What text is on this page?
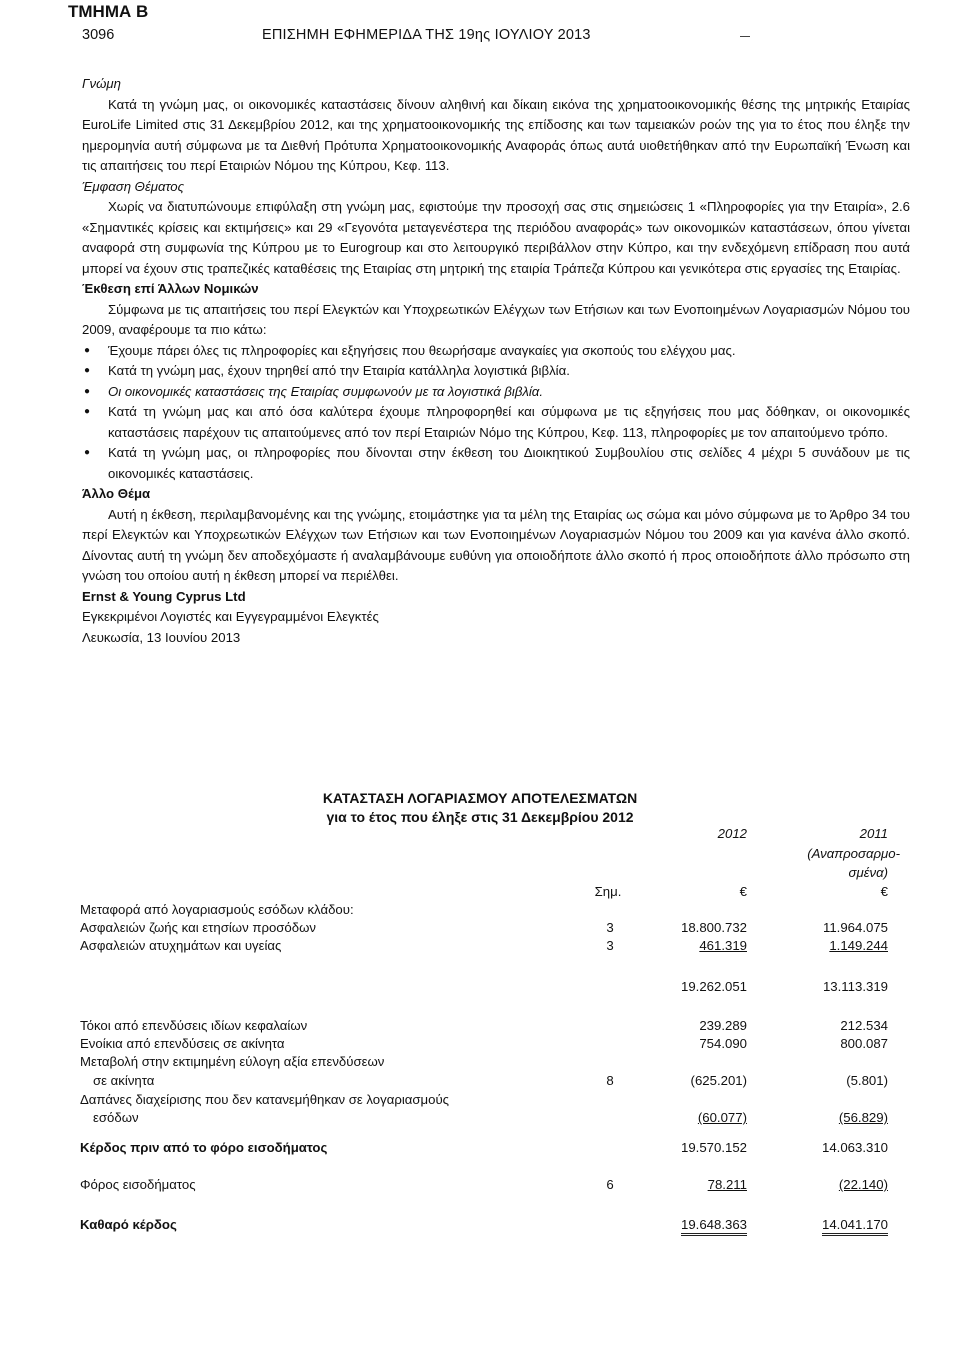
ΤΜΗΜΑ Β
3096	ΕΠΙΣΗΜΗ ΕΦΗΜΕΡΙΔΑ ΤΗΣ 19ης ΙΟΥΛΙΟΥ 2013

Γνώμη

Κατά τη γνώμη μας, οι οικονομικές καταστάσεις δίνουν αληθινή και δίκαιη εικόνα της χρηματοοικονομικής θέσης της μητρικής Εταιρίας EuroLife Limited στις 31 Δεκεμβρίου 2012, και της χρηματοοικονομικής της επίδοσης και των ταμειακών ροών της για το έτος που έληξε την ημερομηνία αυτή σύμφωνα με τα Διεθνή Πρότυπα Χρηματοοικονομικής Αναφοράς όπως αυτά υιοθετήθηκαν από την Ευρωπαϊκή Ένωση και τις απαιτήσεις του περί Εταιριών Νόμου της Κύπρου, Κεφ. 113.

Έμφαση Θέματος

Χωρίς να διατυπώνουμε επιφύλαξη στη γνώμη μας, εφιστούμε την προσοχή σας στις σημειώσεις 1 «Πληροφορίες για την Εταιρία», 2.6 «Σημαντικές κρίσεις και εκτιμήσεις» και 29 «Γεγονότα μεταγενέστερα της περιόδου αναφοράς» των οικονομικών καταστάσεων, όπου γίνεται αναφορά στη συμφωνία της Κύπρου με το Eurogroup και στο λειτουργικό περιβάλλον στην Κύπρο, και την ενδεχόμενη επίδραση που αυτά μπορεί να έχουν στις τραπεζικές καταθέσεις της Εταιρίας στη μητρική της εταιρία Τράπεζα Κύπρου και γενικότερα στις εργασίες της Εταιρίας.

Έκθεση επί Άλλων Νομικών

Σύμφωνα με τις απαιτήσεις του περί Ελεγκτών και Υποχρεωτικών Ελέγχων των Ετήσιων και των Ενοποιημένων Λογαριασμών Νόμου του 2009, αναφέρουμε τα πιο κάτω:

● Έχουμε πάρει όλες τις πληροφορίες και εξηγήσεις που θεωρήσαμε αναγκαίες για σκοπούς του ελέγχου μας.
● Κατά τη γνώμη μας, έχουν τηρηθεί από την Εταιρία κατάλληλα λογιστικά βιβλία.
● Οι οικονομικές καταστάσεις της Εταιρίας συμφωνούν με τα λογιστικά βιβλία.
● Κατά τη γνώμη μας και από όσα καλύτερα έχουμε πληροφορηθεί και σύμφωνα με τις εξηγήσεις που μας δόθηκαν, οι οικονομικές καταστάσεις παρέχουν τις απαιτούμενες από τον περί Εταιριών Νόμο της Κύπρου, Κεφ. 113, πληροφορίες με τον απαιτούμενο τρόπο.
● Κατά τη γνώμη μας, οι πληροφορίες που δίνονται στην έκθεση του Διοικητικού Συμβουλίου στις σελίδες 4 μέχρι 5 συνάδουν με τις οικονομικές καταστάσεις.

Άλλο Θέμα

Αυτή η έκθεση, περιλαμβανομένης και της γνώμης, ετοιμάστηκε για τα μέλη της Εταιρίας ως σώμα και μόνο σύμφωνα με το Άρθρο 34 του περί Ελεγκτών και Υποχρεωτικών Ελέγχων των Ετήσιων και των Ενοποιημένων Λογαριασμών Νόμου του 2009 και για κανένα άλλο σκοπό. Δίνοντας αυτή τη γνώμη δεν αποδεχόμαστε ή αναλαμβάνουμε ευθύνη για οποιοδήποτε άλλο σκοπό ή προς οποιοδήποτε άλλο πρόσωπο στη γνώση του οποίου αυτή η έκθεση μπορεί να περιέλθει.

Ernst & Young Cyprus Ltd

Εγκεκριμένοι Λογιστές και Εγγεγραμμένοι Ελεγκτές

Λευκωσία, 13 Ιουνίου 2013

ΚΑΤΑΣΤΑΣΗ ΛΟΓΑΡΙΑΣΜΟΥ ΑΠΟΤΕΛΕΣΜΑΤΩΝ
για το έτος που έληξε στις 31 Δεκεμβρίου 2012
2012	2011
(Αναπροσαρμο-
σμένα)
Σημ.	€	€
Μεταφορά από λογαριασμούς εσόδων κλάδου:
Ασφαλειών ζωής και ετησίων προσόδων	3	18.800.732	11.964.075
Ασφαλειών ατυχημάτων και υγείας	3	461.319	1.149.244
19.262.051	13.113.319
Τόκοι από επενδύσεις ιδίων κεφαλαίων	239.289	212.534
Ενοίκια από επενδύσεις σε ακίνητα	754.090	800.087
Μεταβολή στην εκτιμημένη εύλογη αξία επενδύσεων
σε ακίνητα	8	(625.201)	(5.801)
Δαπάνες διαχείρισης που δεν κατανεμήθηκαν σε λογαριασμούς
εσόδων	(60.077)	(56.829)
Κέρδος πριν από το φόρο εισοδήματος	19.570.152	14.063.310
Φόρος εισοδήματος	6	78.211	(22.140)
Καθαρό κέρδος	19.648.363	14.041.170
